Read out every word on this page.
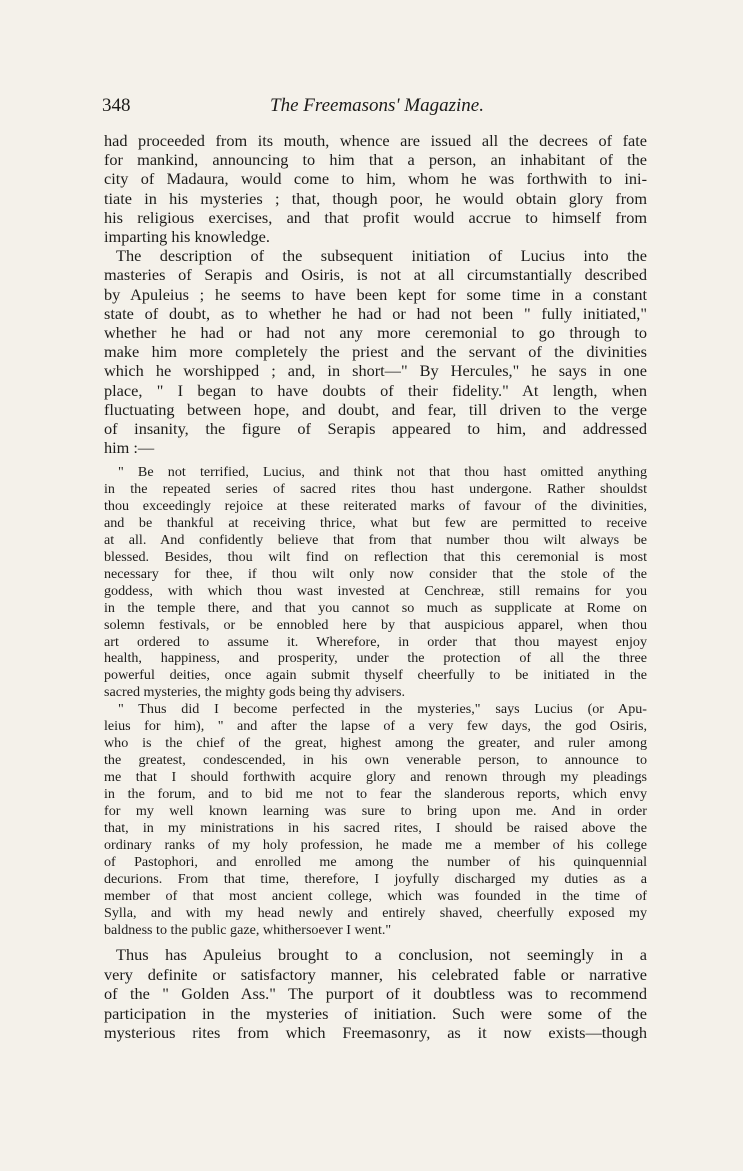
348	The Freemasons' Magazine.
had proceeded from its mouth, whence are issued all the decrees of fate
for mankind, announcing to him that a person, an inhabitant of the
city of Madaura, would come to him, whom he was forthwith to ini-
tiate in his mysteries ; that, though poor, he would obtain glory from
his religious exercises, and that profit would accrue to himself from
imparting his knowledge.
The description of the subsequent initiation of Lucius into the
masteries of Serapis and Osiris, is not at all circumstantially described
by Apuleius ; he seems to have been kept for some time in a constant
state of doubt, as to whether he had or had not been " fully initiated,"
whether he had or had not any more ceremonial to go through to
make him more completely the priest and the servant of the divinities
which he worshipped ; and, in short—" By Hercules," he says in one
place, " I began to have doubts of their fidelity." At length, when
fluctuating between hope, and doubt, and fear, till driven to the verge
of insanity, the figure of Serapis appeared to him, and addressed
him :—
" Be not terrified, Lucius, and think not that thou hast omitted anything
in the repeated series of sacred rites thou hast undergone. Rather shouldst
thou exceedingly rejoice at these reiterated marks of favour of the divinities,
and be thankful at receiving thrice, what but few are permitted to receive
at all. And confidently believe that from that number thou wilt always be
blessed. Besides, thou wilt find on reflection that this ceremonial is most
necessary for thee, if thou wilt only now consider that the stole of the
goddess, with which thou wast invested at Cenchreæ, still remains for you
in the temple there, and that you cannot so much as supplicate at Rome on
solemn festivals, or be ennobled here by that auspicious apparel, when thou
art ordered to assume it. Wherefore, in order that thou mayest enjoy
health, happiness, and prosperity, under the protection of all the three
powerful deities, once again submit thyself cheerfully to be initiated in the
sacred mysteries, the mighty gods being thy advisers.
" Thus did I become perfected in the mysteries," says Lucius (or Apu-
leius for him), " and after the lapse of a very few days, the god Osiris,
who is the chief of the great, highest among the greater, and ruler among
the greatest, condescended, in his own venerable person, to announce to
me that I should forthwith acquire glory and renown through my pleadings
in the forum, and to bid me not to fear the slanderous reports, which envy
for my well known learning was sure to bring upon me. And in order
that, in my ministrations in his sacred rites, I should be raised above the
ordinary ranks of my holy profession, he made me a member of his college
of Pastophori, and enrolled me among the number of his quinquennial
decurions. From that time, therefore, I joyfully discharged my duties as a
member of that most ancient college, which was founded in the time of
Sylla, and with my head newly and entirely shaved, cheerfully exposed my
baldness to the public gaze, whithersoever I went."
Thus has Apuleius brought to a conclusion, not seemingly in a
very definite or satisfactory manner, his celebrated fable or narrative
of the " Golden Ass." The purport of it doubtless was to recommend
participation in the mysteries of initiation. Such were some of the
mysterious rites from which Freemasonry, as it now exists—though
